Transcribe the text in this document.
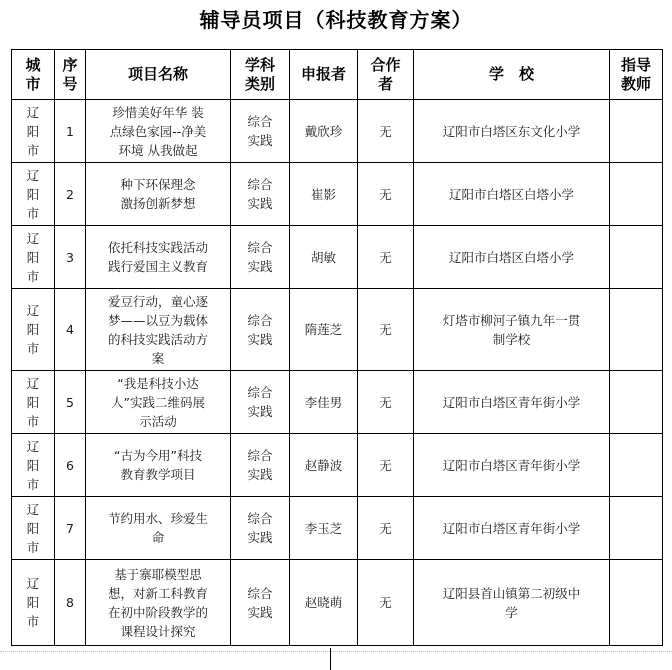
辅导员项目（科技教育方案）
城
市	序
号	项目名称	学科
类别	申报者	合作
者	学　校	指导
教师

辽
阳
市	1	珍惜美好年华 装
点绿色家园--净美
环境 从我做起	综合
实践	戴欣珍	无	辽阳市白塔区东文化小学	

辽
阳
市	2	种下环保理念
激扬创新梦想	综合
实践	崔影	无	辽阳市白塔区白塔小学	

辽
阳
市	3	依托科技实践活动
践行爱国主义教育	综合
实践	胡敏	无	辽阳市白塔区白塔小学	

辽
阳
市	4	爱豆行动，童心逐
梦——以豆为载体
的科技实践活动方
案	综合
实践	隋莲芝	无	灯塔市柳河子镇九年一贯
制学校	

辽
阳
市	5	“我是科技小达
人”实践二维码展
示活动	综合
实践	李佳男	无	辽阳市白塔区青年街小学	

辽
阳
市	6	“古为今用”科技
教育教学项目	综合
实践	赵静波	无	辽阳市白塔区青年街小学	

辽
阳
市	7	节约用水、珍爱生
命	综合
实践	李玉芝	无	辽阳市白塔区青年街小学	

辽
阳
市	8	基于寨耶模型思
想，对新工科教育
在初中阶段教学的
课程设计探究	综合
实践	赵晓萌	无	辽阳县首山镇第二初级中
学	
